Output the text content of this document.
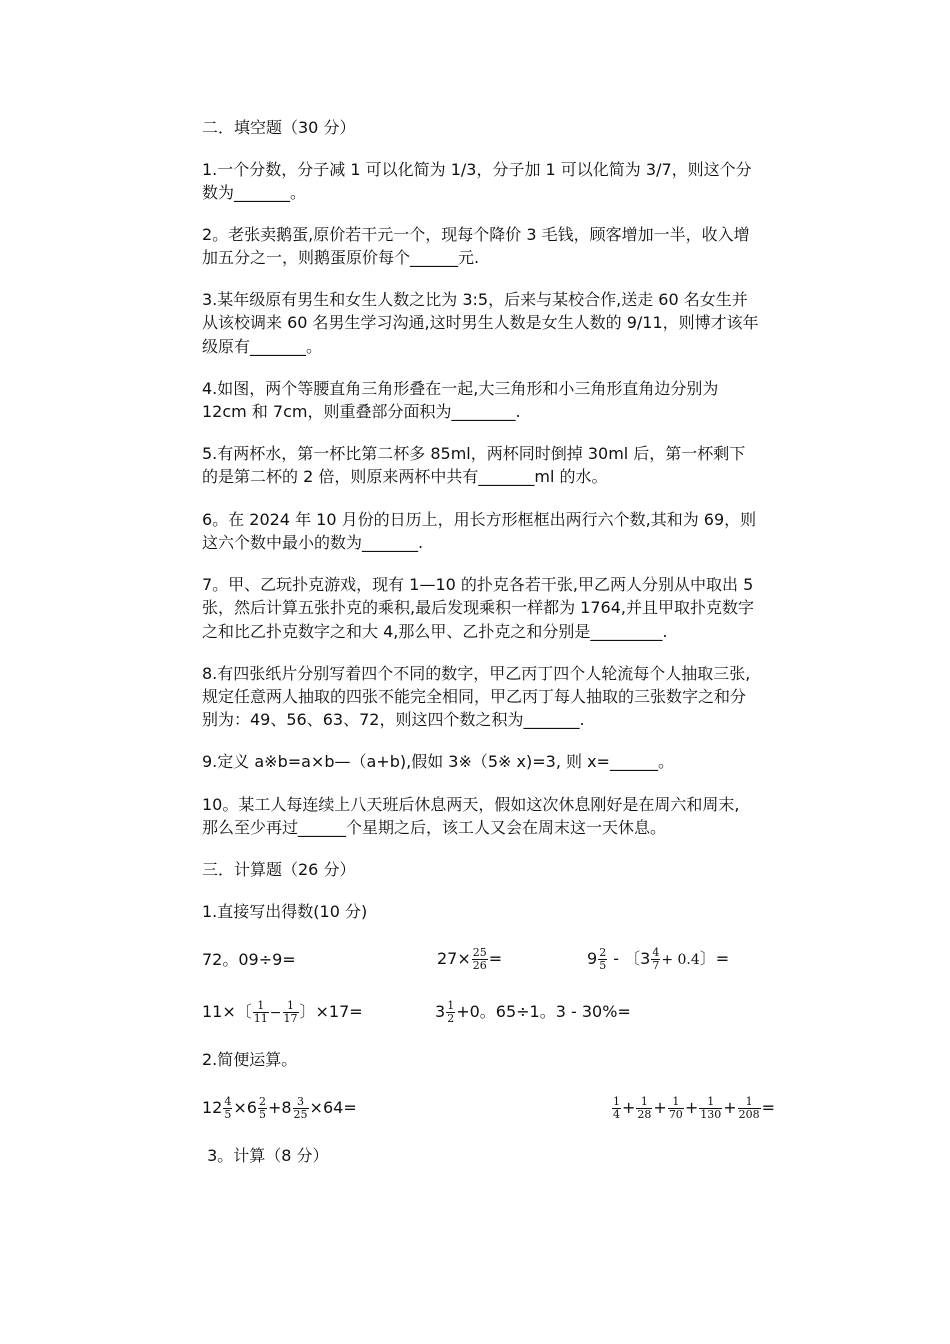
二．填空题（30 分）
1.一个分数，分子减 1 可以化简为 1/3，分子加 1 可以化简为 3/7，则这个分
数为_______。
2。老张卖鹅蛋,原价若干元一个，现每个降价 3 毛钱，顾客增加一半，收入增
加五分之一，则鹅蛋原价每个______元.
3.某年级原有男生和女生人数之比为 3:5，后来与某校合作,送走 60 名女生并
从该校调来 60 名男生学习沟通,这时男生人数是女生人数的 9/11，则博才该年
级原有_______。
4.如图，两个等腰直角三角形叠在一起,大三角形和小三角形直角边分别为
12cm 和 7cm，则重叠部分面积为________.
5.有两杯水，第一杯比第二杯多 85ml，两杯同时倒掉 30ml 后，第一杯剩下
的是第二杯的 2 倍，则原来两杯中共有_______ml 的水。
6。在 2024 年 10 月份的日历上，用长方形框框出两行六个数,其和为 69，则
这六个数中最小的数为_______.
7。甲、乙玩扑克游戏，现有 1—10 的扑克各若干张,甲乙两人分别从中取出 5
张，然后计算五张扑克的乘积,最后发现乘积一样都为 1764,并且甲取扑克数字
之和比乙扑克数字之和大 4,那么甲、乙扑克之和分别是_________.
8.有四张纸片分别写着四个不同的数字，甲乙丙丁四个人轮流每个人抽取三张,
规定任意两人抽取的四张不能完全相同，甲乙丙丁每人抽取的三张数字之和分
别为：49、56、63、72，则这四个数之积为_______.
9.定义 a※b=a×b—（a+b),假如 3※（5※ x)=3, 则 x=______。
10。某工人每连续上八天班后休息两天，假如这次休息刚好是在周六和周末,
那么至少再过______个星期之后，该工人又会在周末这一天休息。
三．计算题（26 分）
1.直接写出得数(10 分)
72。09÷9=	$27\times \frac{25}{26}$ =	$9 \frac{2}{5}$ - 〔$3 \frac{4}{7} + 0.4$〕=
11×〔 $\frac{1}{11} - \frac{1}{17}$ 〕×17=	$3 \frac{1}{2} +0$。65÷1。3 - 30%=
2.简便运算。
$12 \frac{4}{5} \times 6 \frac{2}{5} +8 \frac{3}{25} \times 64=$	$\frac{1}{4} + \frac{1}{28} + \frac{1}{70} + \frac{1}{130} + \frac{1}{208}$ =
3。计算（8 分）
